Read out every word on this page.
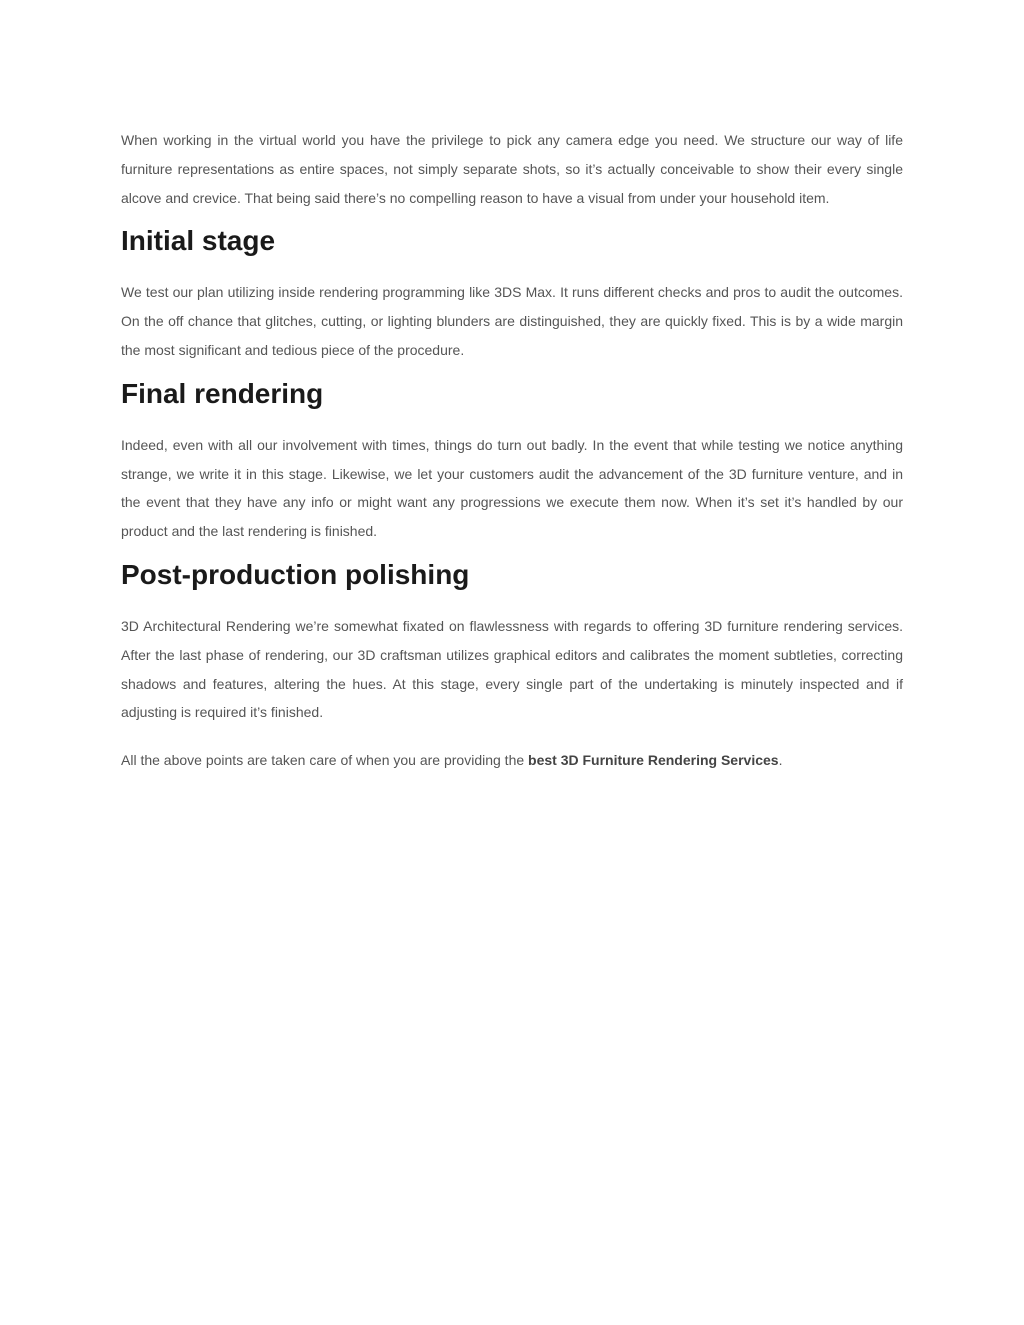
When working in the virtual world you have the privilege to pick any camera edge you need. We structure our way of life furniture representations as entire spaces, not simply separate shots, so it’s actually conceivable to show their every single alcove and crevice. That being said there’s no compelling reason to have a visual from under your household item.

Initial stage

We test our plan utilizing inside rendering programming like 3DS Max. It runs different checks and pros to audit the outcomes. On the off chance that glitches, cutting, or lighting blunders are distinguished, they are quickly fixed. This is by a wide margin the most significant and tedious piece of the procedure.

Final rendering

Indeed, even with all our involvement with times, things do turn out badly. In the event that while testing we notice anything strange, we write it in this stage. Likewise, we let your customers audit the advancement of the 3D furniture venture, and in the event that they have any info or might want any progressions we execute them now. When it’s set it’s handled by our product and the last rendering is finished.

Post-production polishing

3D Architectural Rendering we’re somewhat fixated on flawlessness with regards to offering 3D furniture rendering services. After the last phase of rendering, our 3D craftsman utilizes graphical editors and calibrates the moment subtleties, correcting shadows and features, altering the hues. At this stage, every single part of the undertaking is minutely inspected and if adjusting is required it’s finished.

All the above points are taken care of when you are providing the best 3D Furniture Rendering Services.
